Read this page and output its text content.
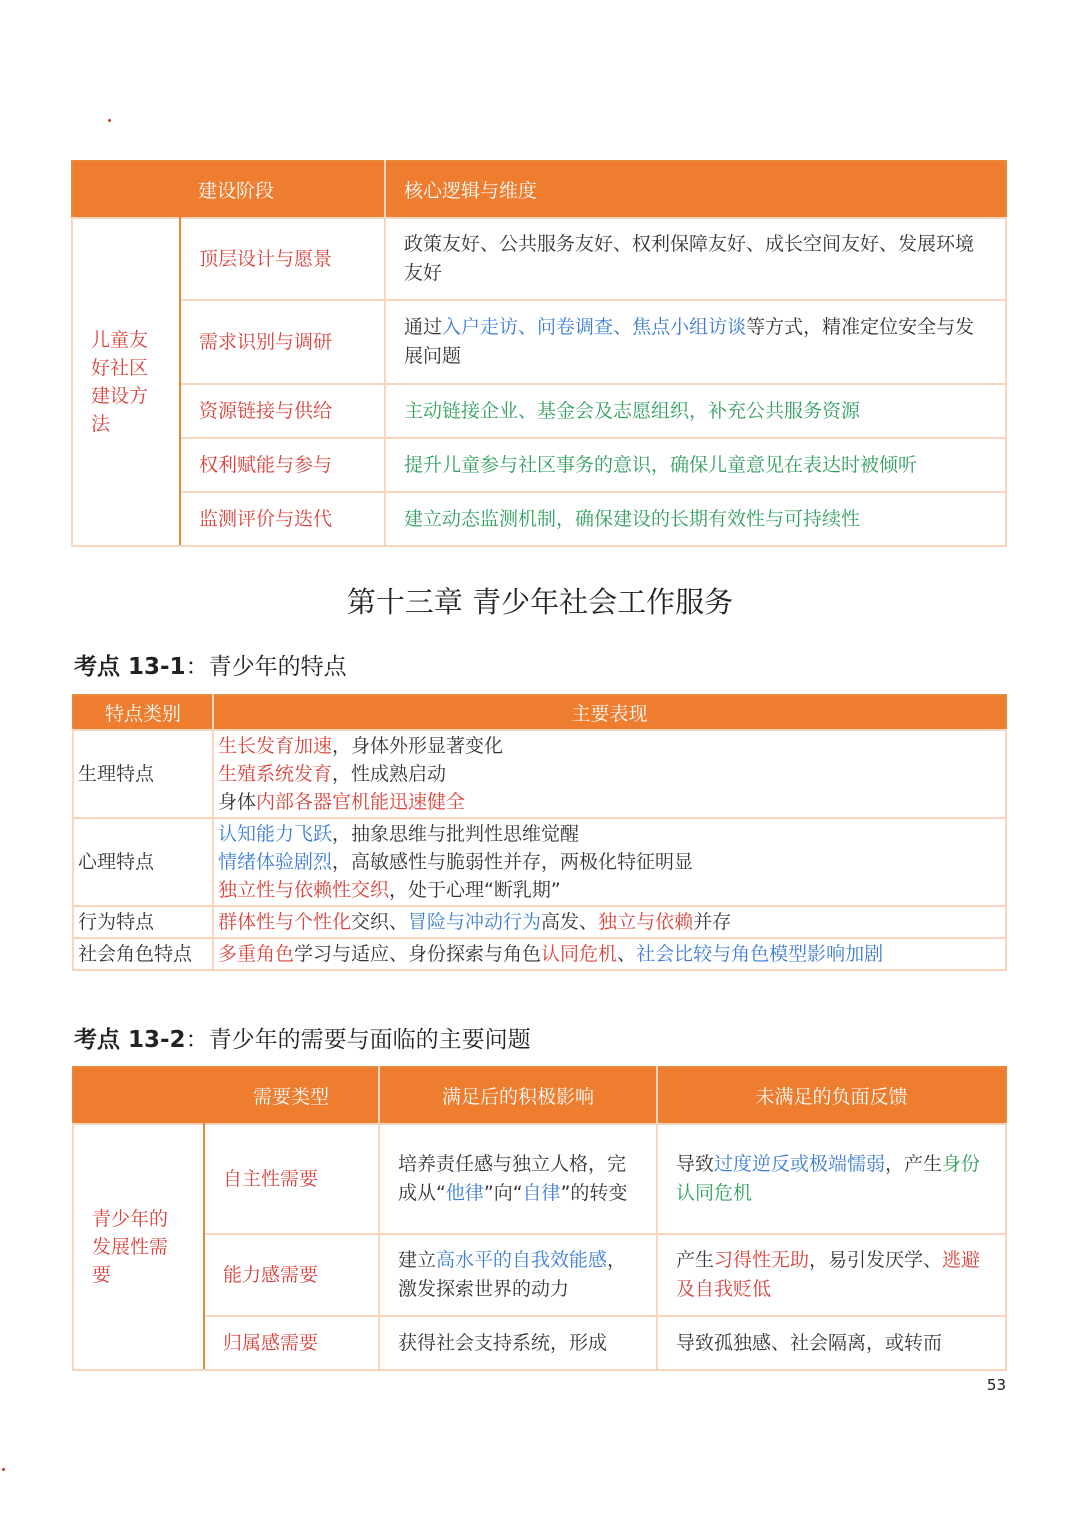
	建设阶段	核心逻辑与维度
儿童友好社区建设方法	顶层设计与愿景	政策友好、公共服务友好、权利保障友好、成长空间友好、发展环境友好
	需求识别与调研	通过入户走访、问卷调查、焦点小组访谈等方式，精准定位安全与发展问题
	资源链接与供给	主动链接企业、基金会及志愿组织，补充公共服务资源
	权利赋能与参与	提升儿童参与社区事务的意识，确保儿童意见在表达时被倾听
	监测评价与迭代	建立动态监测机制，确保建设的长期有效性与可持续性
第十三章 青少年社会工作服务
考点 13-1：青少年的特点
特点类别	主要表现
生理特点	生长发育加速，身体外形显著变化
生殖系统发育，性成熟启动
身体内部各器官机能迅速健全

心理特点	认知能力飞跃，抽象思维与批判性思维觉醒
情绪体验剧烈，高敏感性与脆弱性并存，两极化特征明显
独立性与依赖性交织，处于心理“断乳期”

行为特点	群体性与个性化交织、冒险与冲动行为高发、独立与依赖并存
社会角色特点	多重角色学习与适应、身份探索与角色认同危机、社会比较与角色模型影响加剧
考点 13-2：青少年的需要与面临的主要问题
	需要类型	满足后的积极影响	未满足的负面反馈
青少年的发展性需要	自主性需要	培养责任感与独立人格，完成从“他律”向“自律”的转变	导致过度逆反或极端懦弱，产生身份认同危机
	能力感需要	建立高水平的自我效能感，激发探索世界的动力	产生习得性无助，易引发厌学、逃避及自我贬低
	归属感需要	获得社会支持系统，形成	导致孤独感、社会隔离，或转而
53
